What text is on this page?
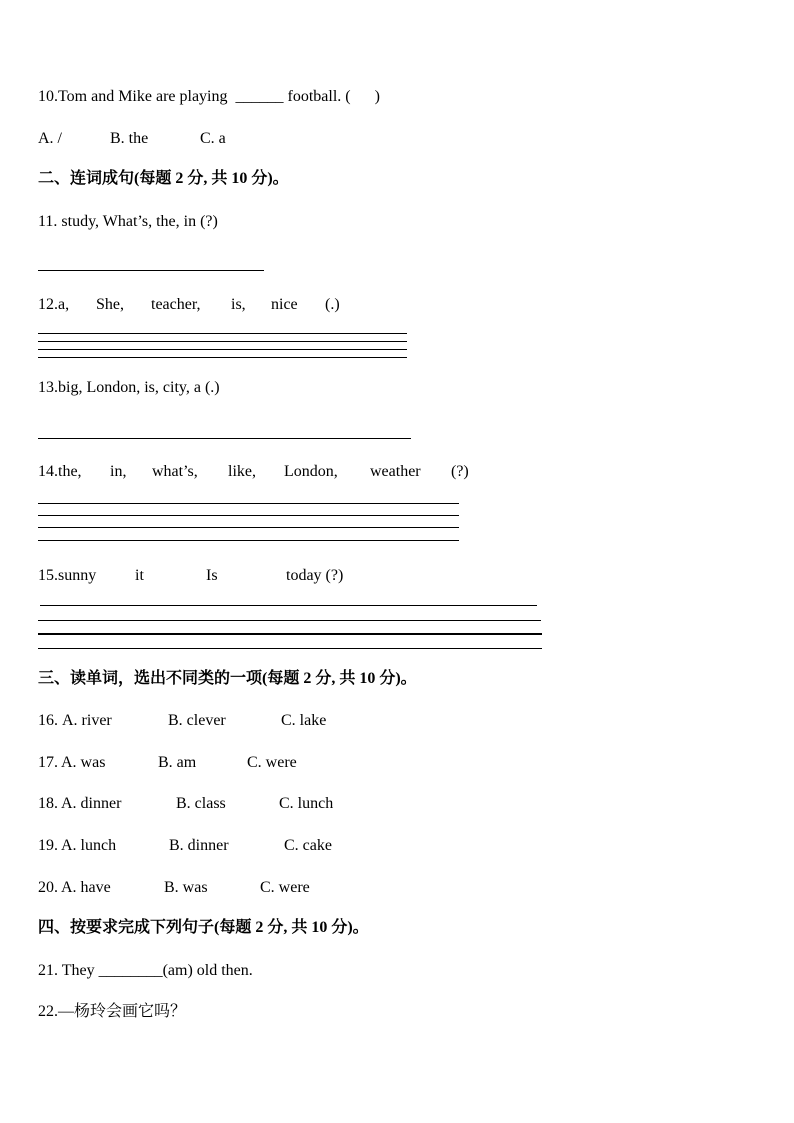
10.Tom and Mike are playing  ______ football. (      )
A. /	B. the	C. a
二、连词成句(每题 2 分, 共 10 分)。
11. study, What’s, the, in (?)
12.a, She, teacher, is, nice (.)
13.big, London, is, city, a (.)
14.the, in, what’s, like, London, weather (?)
15.sunny it	Is	today (?)
三、读单词，选出不同类的一项(每题 2 分, 共 10 分)。
16. A. river	B. clever	C. lake
17. A. was	B. am	C. were
18. A. dinner	B. class	C. lunch
19. A. lunch	B. dinner	C. cake
20. A. have	B. was	C. were
四、按要求完成下列句子(每题 2 分, 共 10 分)。
21. They ________(am) old then.
22.—杨玲会画它吗？
